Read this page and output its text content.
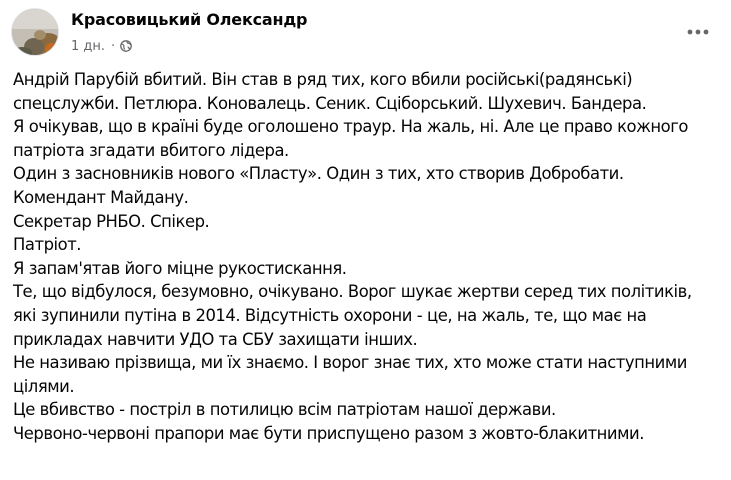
Красовицький Олександр
1 дн. ·
Андрій Парубій вбитий. Він став в ряд тих, кого вбили російські(радянські)
спецслужби. Петлюра. Коновалець. Сеник. Сціборський. Шухевич. Бандера.
Я очікував, що в країні буде оголошено траур. На жаль, ні. Але це право кожного
патріота згадати вбитого лідера.
Один з засновників нового «Пласту». Один з тих, хто створив Добробати.
Комендант Майдану.
Секретар РНБО. Спікер.
Патріот.
Я запам'ятав його міцне рукостискання.
Те, що відбулося, безумовно, очікувано. Ворог шукає жертви серед тих політиків,
які зупинили путіна в 2014. Відсутність охорони - це, на жаль, те, що має на
прикладах навчити УДО та СБУ захищати інших.
Не називаю прізвища, ми їх знаємо. І ворог знає тих, хто може стати наступними
цілями.
Це вбивство - постріл в потилицю всім патріотам нашої держави.
Червоно-червоні прапори має бути приспущено разом з жовто-блакитними.
